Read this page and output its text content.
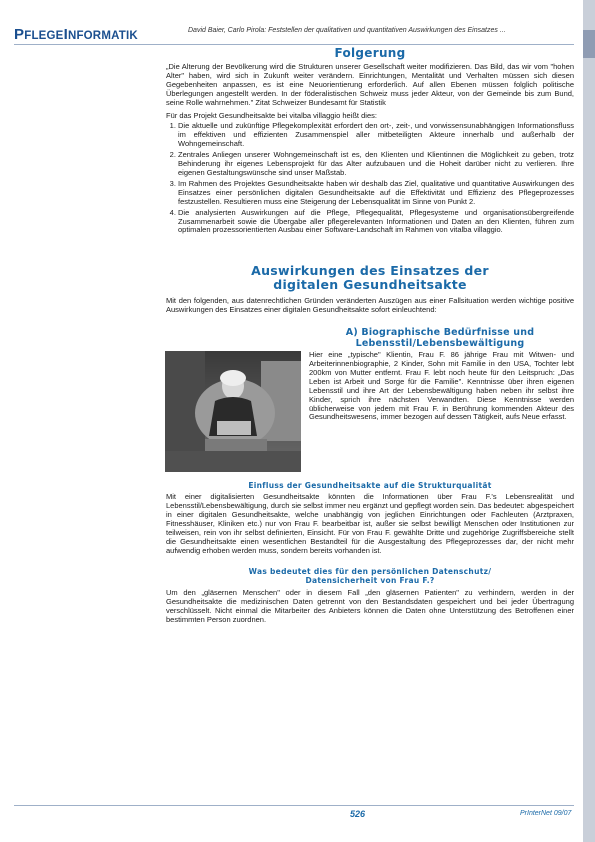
PFLEGEINFORMATIK	David Baier, Carlo Pirola: Feststellen der qualitativen und quantitativen Auswirkungen des Einsatzes ...
Folgerung

„Die Alterung der Bevölkerung wird die Strukturen unserer Gesellschaft weiter modifizieren. Das Bild, das wir vom "hohen Alter" haben, wird sich in Zukunft weiter verändern. Einrichtungen, Mentalität und Verhalten müssen sich diesen Gegebenheiten anpassen, es ist eine Neuorientierung erforderlich. Auf allen Ebenen müssen folglich politische Überlegungen angestellt werden. In der föderalistischen Schweiz muss jeder Akteur, von der Gemeinde bis zum Bund, seine Rolle wahrnehmen." Zitat Schweizer Bundesamt für Statistik

Für das Projekt Gesundheitsakte bei vitalba villaggio heißt dies:

1. Die aktuelle und zukünftige Pflegekomplexität erfordert den ort-, zeit-, und vorwissensunabhängigen Informationsfluss im effektiven und effizienten Zusammenspiel aller mitbeteiligten Akteure innerhalb und außerhalb der Wohngemeinschaft.
2. Zentrales Anliegen unserer Wohngemeinschaft ist es, den Klienten und Klientinnen die Möglichkeit zu geben, trotz Behinderung ihr eigenes Lebensprojekt für das Alter aufzubauen und die Hoheit darüber nicht zu verlieren. Ihre eigenen Gestaltungswünsche sind unser Maßstab.
3. Im Rahmen des Projektes Gesundheitsakte haben wir deshalb das Ziel, qualitative und quantitative Auswirkungen des Einsatzes einer persönlichen digitalen Gesundheitsakte auf die Effektivität und Effizienz des Pflegeprozesses festzustellen. Resultieren muss eine Steigerung der Lebensqualität im Sinne von Punkt 2.
4. Die analysierten Auswirkungen auf die Pflege, Pflegequalität, Pflegesysteme und organisationsübergreifende Zusammenarbeit sowie die Übergabe aller pflegerelevanten Informationen und Daten an den Klienten, führen zum optimalen prozessorientierten Ausbau einer Software-Landschaft im Rahmen von vitalba villaggio.
Auswirkungen des Einsatzes der
digitalen Gesundheitsakte

Mit den folgenden, aus datenrechtlichen Gründen veränderten Auszügen aus einer Fallsituation werden wichtige positive Auswirkungen des Einsatzes einer digitalen Gesundheitsakte sofort einleuchtend:

A) Biographische Bedürfnisse und
Lebensstil/Lebensbewältigung

Hier eine „typische" Klientin, Frau F. 86 jährige Frau mit Witwen- und Arbeiterinnenbiographie, 2 Kinder, Sohn mit Familie in den USA, Tochter lebt 200km von Mutter entfernt. Frau F. lebt noch heute für den Leitspruch: „Das Leben ist Arbeit und Sorge für die Familie". Kenntnisse über ihren eigenen Lebensstil und ihre Art der Lebensbewältigung haben neben ihr selbst ihre Kinder, sprich ihre nächsten Verwandten. Diese Kenntnisse werden üblicherweise von jedem mit Frau F. in Berührung kommenden Akteur des Gesundheitswesens, immer bezogen auf dessen Tätigkeit, aufs Neue erfasst.

Einfluss der Gesundheitsakte auf die Strukturqualität

Mit einer digitalisierten Gesundheitsakte könnten die Informationen über Frau F.'s Lebensrealität und Lebensstil/Lebensbewältigung, durch sie selbst immer neu ergänzt und gepflegt worden sein. Das bedeutet: abgespeichert in einer digitalen Gesundheitsakte, welche unabhängig von jeglichen Einrichtungen oder Fachleuten (Arztpraxen, Fitnesshäuser, Kliniken etc.) nur von Frau F. bearbeitbar ist, außer sie selbst bewilligt Menschen oder Institutionen zur teilweisen, rein von ihr selbst definierten, Einsicht. Für von Frau F. gewählte Dritte und zugehörige Zugriffsbereiche stellt die Gesundheitsakte einen wesentlichen Bestandteil für die Ausgestaltung des Pflegeprozesses dar, der nicht mehr aufwendig erhoben werden muss, sondern bereits vorhanden ist.

Was bedeutet dies für den persönlichen Datenschutz/
Datensicherheit von Frau F.?

Um den „gläsernen Menschen" oder in diesem Fall „den gläsernen Patienten" zu verhindern, werden in der Gesundheitsakte die medizinischen Daten getrennt von den Bestandsdaten gespeichert und bei jeder Übertragung verschlüsselt. Nicht einmal die Mitarbeiter des Anbieters können die Daten ohne Unterstützung des Betroffenen einer bestimmten Person zuordnen.

526	PrInterNet 09/07
